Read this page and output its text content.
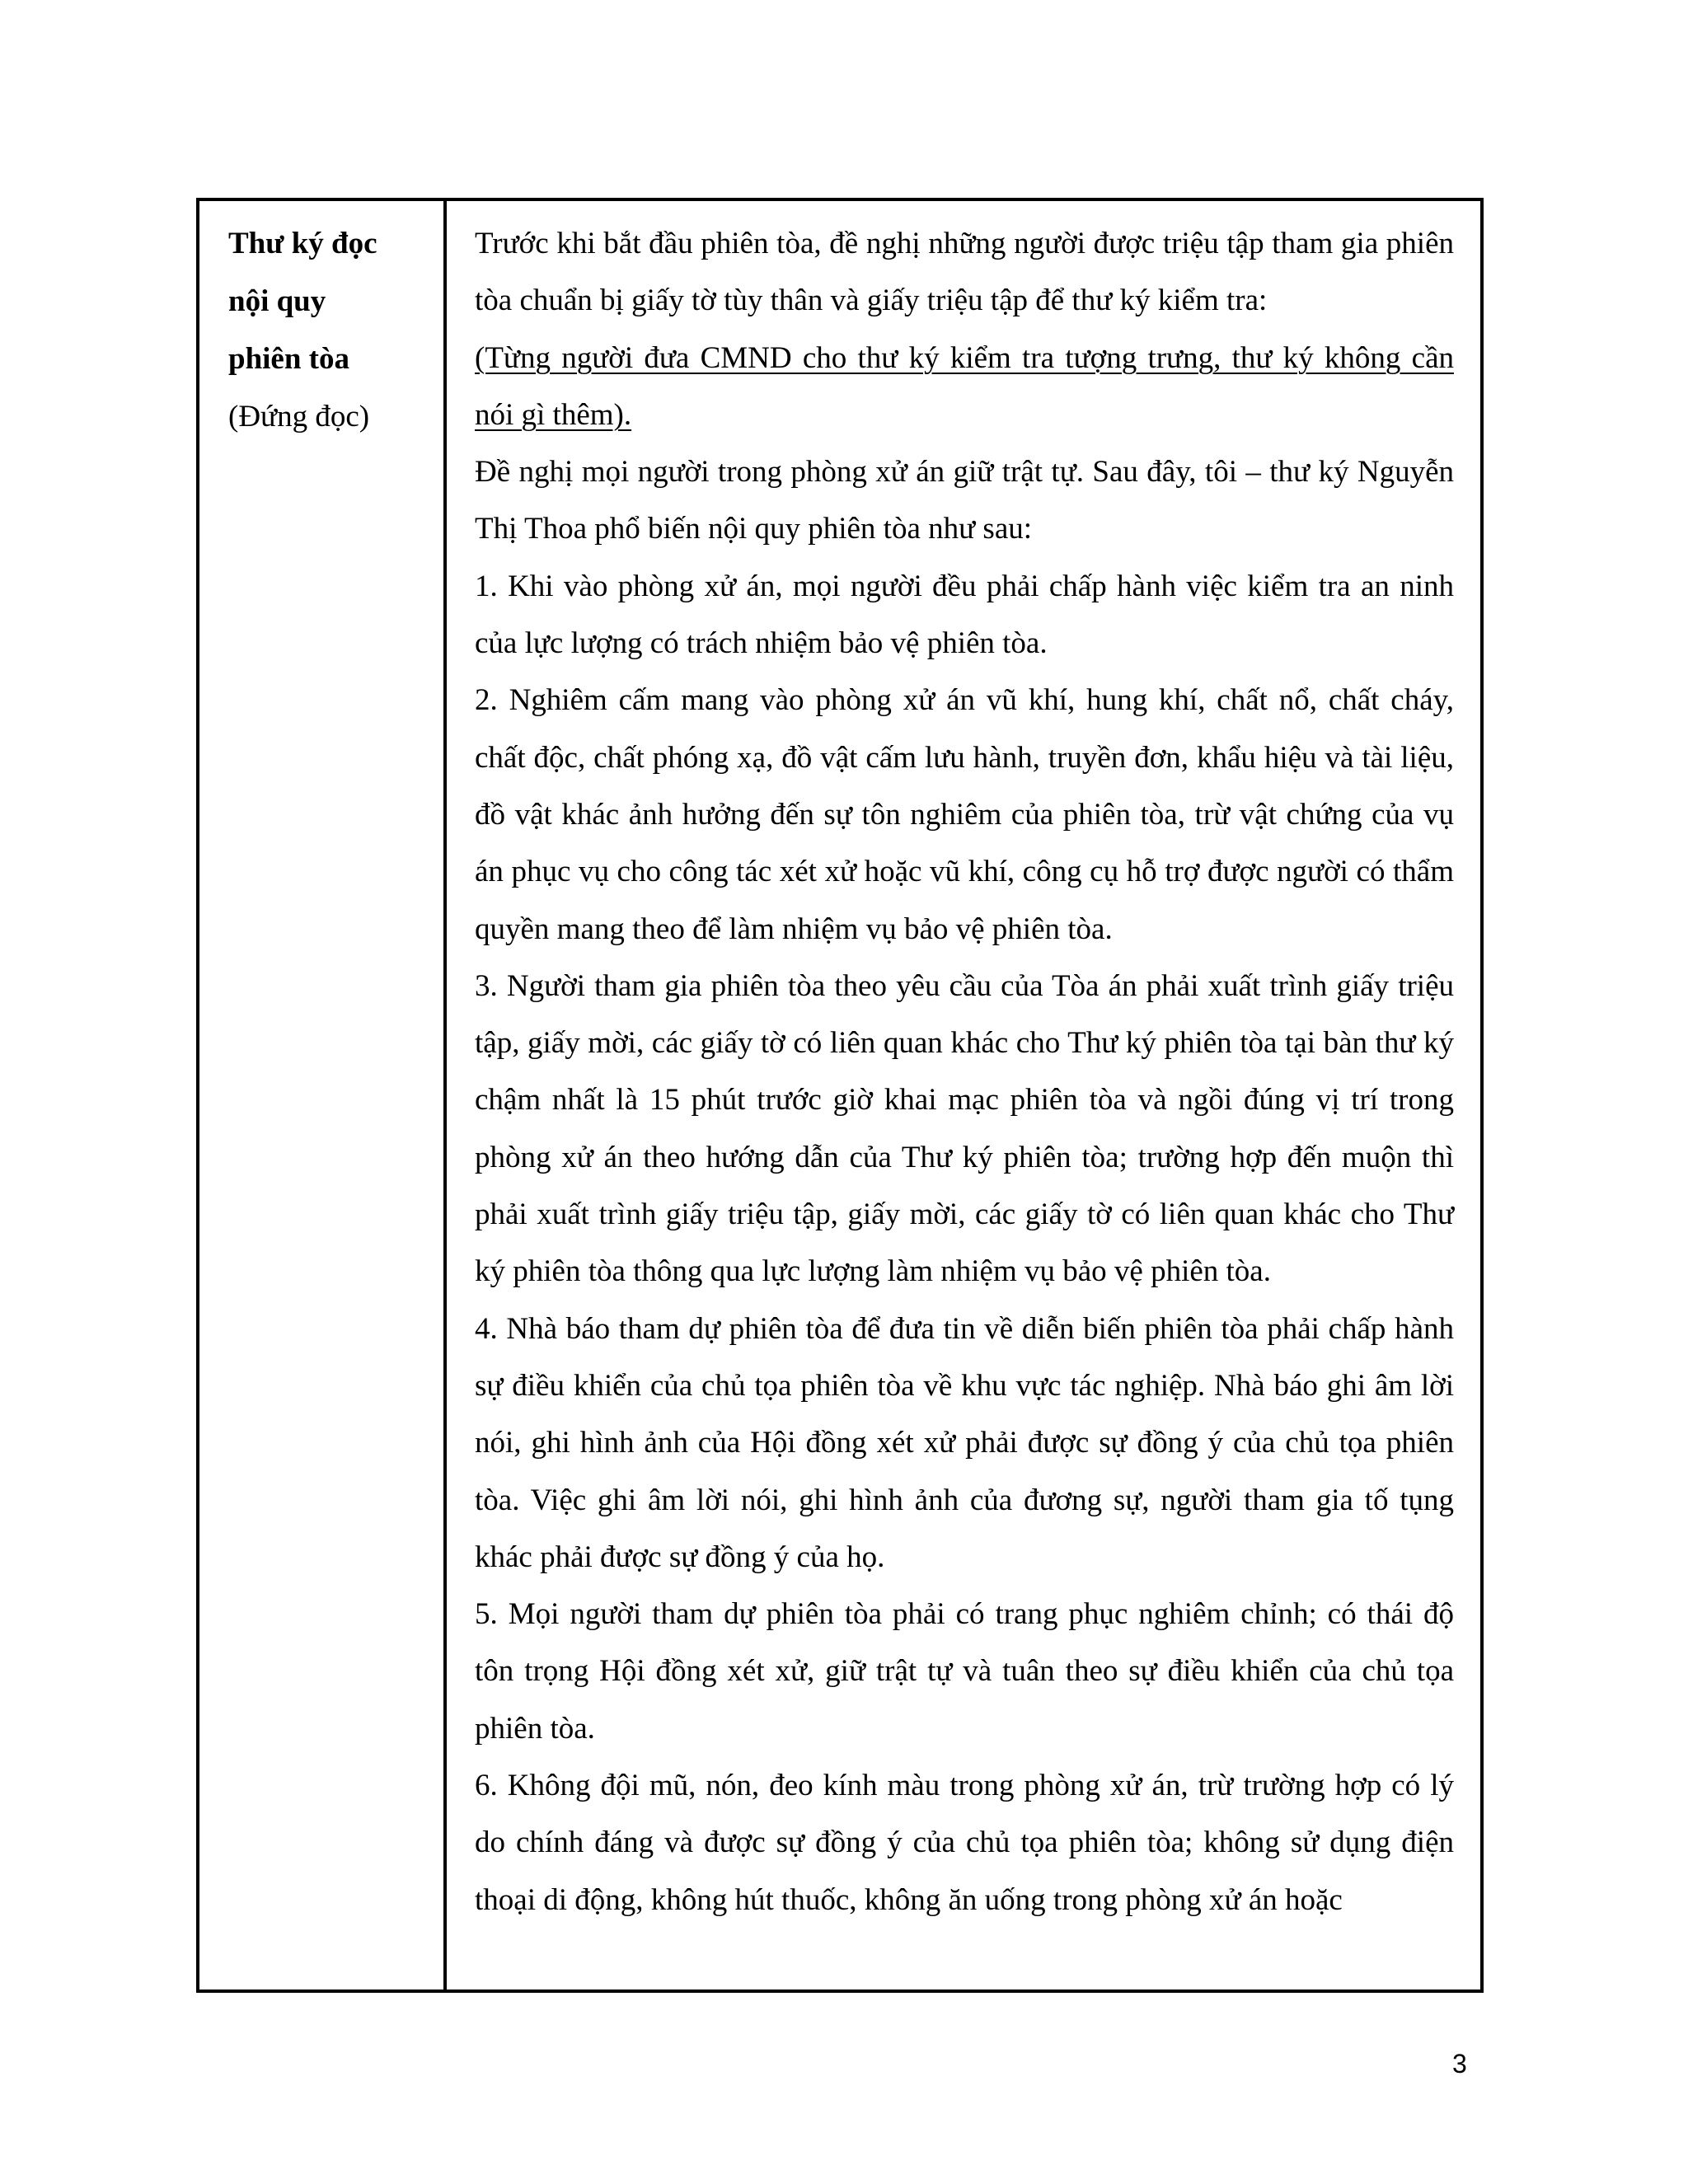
Thư ký đọc
nội quy
phiên tòa
(Đứng đọc)

Trước khi bắt đầu phiên tòa, đề nghị những người được triệu tập tham gia phiên tòa chuẩn bị giấy tờ tùy thân và giấy triệu tập để thư ký kiểm tra:

(Từng người đưa CMND cho thư ký kiểm tra tượng trưng, thư ký không cần nói gì thêm).

Đề nghị mọi người trong phòng xử án giữ trật tự. Sau đây, tôi – thư ký Nguyễn Thị Thoa phổ biến nội quy phiên tòa như sau:

1. Khi vào phòng xử án, mọi người đều phải chấp hành việc kiểm tra an ninh của lực lượng có trách nhiệm bảo vệ phiên tòa.

2. Nghiêm cấm mang vào phòng xử án vũ khí, hung khí, chất nổ, chất cháy, chất độc, chất phóng xạ, đồ vật cấm lưu hành, truyền đơn, khẩu hiệu và tài liệu, đồ vật khác ảnh hưởng đến sự tôn nghiêm của phiên tòa, trừ vật chứng của vụ án phục vụ cho công tác xét xử hoặc vũ khí, công cụ hỗ trợ được người có thẩm quyền mang theo để làm nhiệm vụ bảo vệ phiên tòa.

3. Người tham gia phiên tòa theo yêu cầu của Tòa án phải xuất trình giấy triệu tập, giấy mời, các giấy tờ có liên quan khác cho Thư ký phiên tòa tại bàn thư ký chậm nhất là 15 phút trước giờ khai mạc phiên tòa và ngồi đúng vị trí trong phòng xử án theo hướng dẫn của Thư ký phiên tòa; trường hợp đến muộn thì phải xuất trình giấy triệu tập, giấy mời, các giấy tờ có liên quan khác cho Thư ký phiên tòa thông qua lực lượng làm nhiệm vụ bảo vệ phiên tòa.

4. Nhà báo tham dự phiên tòa để đưa tin về diễn biến phiên tòa phải chấp hành sự điều khiển của chủ tọa phiên tòa về khu vực tác nghiệp. Nhà báo ghi âm lời nói, ghi hình ảnh của Hội đồng xét xử phải được sự đồng ý của chủ tọa phiên tòa. Việc ghi âm lời nói, ghi hình ảnh của đương sự, người tham gia tố tụng khác phải được sự đồng ý của họ.

5. Mọi người tham dự phiên tòa phải có trang phục nghiêm chỉnh; có thái độ tôn trọng Hội đồng xét xử, giữ trật tự và tuân theo sự điều khiển của chủ tọa phiên tòa.

6. Không đội mũ, nón, đeo kính màu trong phòng xử án, trừ trường hợp có lý do chính đáng và được sự đồng ý của chủ tọa phiên tòa; không sử dụng điện thoại di động, không hút thuốc, không ăn uống trong phòng xử án hoặc

3
